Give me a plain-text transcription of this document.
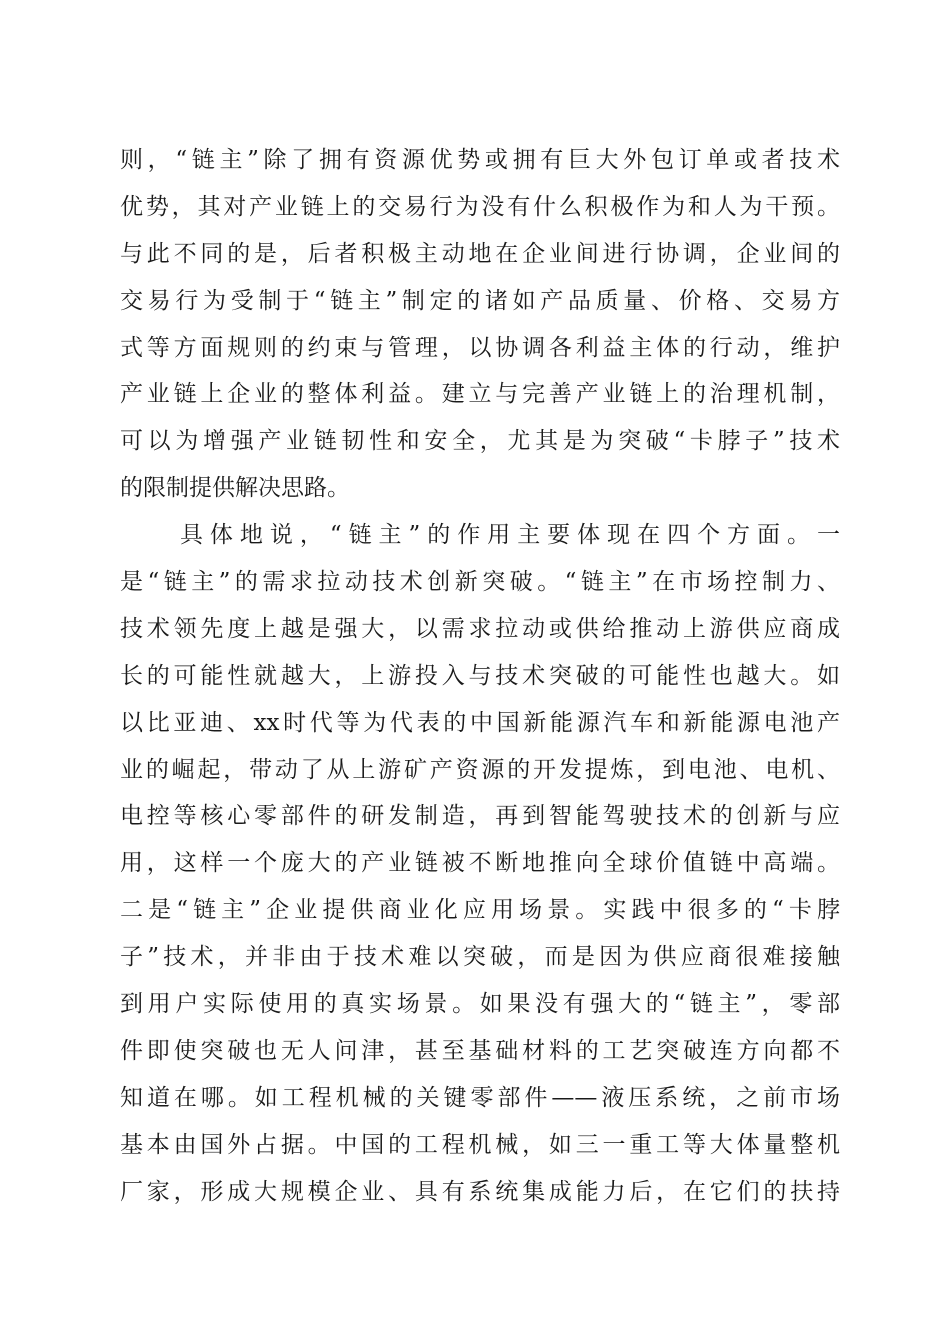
则，“链主”除了拥有资源优势或拥有巨大外包订单或者技术
优势，其对产业链上的交易行为没有什么积极作为和人为干预。
与此不同的是，后者积极主动地在企业间进行协调，企业间的
交易行为受制于“链主”制定的诸如产品质量、价格、交易方
式等方面规则的约束与管理，以协调各利益主体的行动，维护
产业链上企业的整体利益。建立与完善产业链上的治理机制，
可以为增强产业链韧性和安全，尤其是为突破“卡脖子”技术
的限制提供解决思路。
　　具体地说，“链主”的作用主要体现在四个方面。一
是“链主”的需求拉动技术创新突破。“链主”在市场控制力、
技术领先度上越是强大，以需求拉动或供给推动上游供应商成
长的可能性就越大，上游投入与技术突破的可能性也越大。如
以比亚迪、xx时代等为代表的中国新能源汽车和新能源电池产
业的崛起，带动了从上游矿产资源的开发提炼，到电池、电机、
电控等核心零部件的研发制造，再到智能驾驶技术的创新与应
用，这样一个庞大的产业链被不断地推向全球价值链中高端。
二是“链主”企业提供商业化应用场景。实践中很多的“卡脖
子”技术，并非由于技术难以突破，而是因为供应商很难接触
到用户实际使用的真实场景。如果没有强大的“链主”，零部
件即使突破也无人问津，甚至基础材料的工艺突破连方向都不
知道在哪。如工程机械的关键零部件——液压系统，之前市场
基本由国外占据。中国的工程机械，如三一重工等大体量整机
厂家，形成大规模企业、具有系统集成能力后，在它们的扶持
